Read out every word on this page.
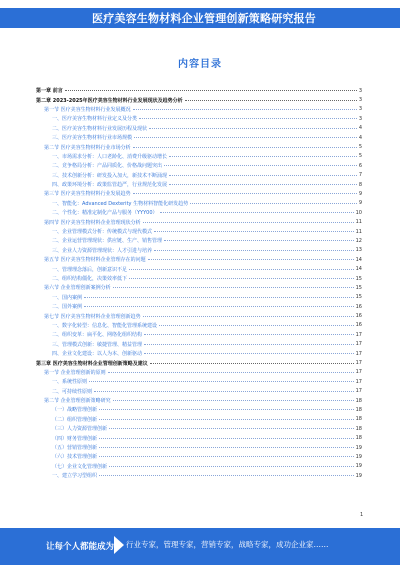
医疗美容生物材料企业管理创新策略研究报告
内容目录
第一章 前言	3
第二章 2023-2025年医疗美容生物材料行业发展现状及趋势分析	3
第一节 医疗美容生物材料行业发展概况	3
一、医疗美容生物材料行业定义及分类	3
二、医疗美容生物材料行业发展历程及现状	4
三、医疗美容生物材料行业市场规模	4
第二节 医疗美容生物材料行业市场分析	5
一、市场需求分析：人口老龄化、消费升级驱动增长	5
二、竞争格局分析：产品同质化、价格战问题突出	6
三、技术创新分析：研发投入加大，新技术不断涌现	7
四、政策环境分析：政策监管趋严，行业规范化发展	8
第三节 医疗美容生物材料行业发展趋势	9
一、智能化：Advanced Dexterity 生物材料智能化研发趋势	9
二、个性化：精准定制化产品与服务（YYY00）	10
第四节 医疗美容生物材料企业管理现状分析	11
一、企业管理模式分析：传统模式与现代模式	11
二、企业运营管理现状：供应链、生产、销售管理	12
三、企业人力资源管理现状：人才引进与培养	13
第五节 医疗美容生物材料企业管理存在的问题	14
一、管理理念落后，创新意识不足	14
二、组织结构僵化，决策效率低下	15
第六节 企业管理创新案例分析	15
一、国内案例	15
二、国外案例	16
第七节 医疗美容生物材料企业管理创新趋势	16
一、数字化转型：信息化、智能化管理系统建设	16
二、组织变革：扁平化、网络化组织结构	17
三、管理模式创新：敏捷管理、精益管理	17
四、企业文化建设：以人为本、创新驱动	17
第三章 医疗美容生物材料企业管理创新策略及建议	17
第一节 企业管理创新的原则	17
一、系统性原则	17
二、可持续性原则	17
第二节 企业管理创新策略研究	18
（一）战略管理创新	18
（二）组织管理创新	18
（三）人力资源管理创新	18
（四）财务管理创新	18
（五）营销管理创新	19
（六）技术管理创新	19
（七）企业文化管理创新	19
一、建立学习型组织	19
1
让每个人都能成为 行业专家，管理专家，营销专家，战略专家，成功企业家……
